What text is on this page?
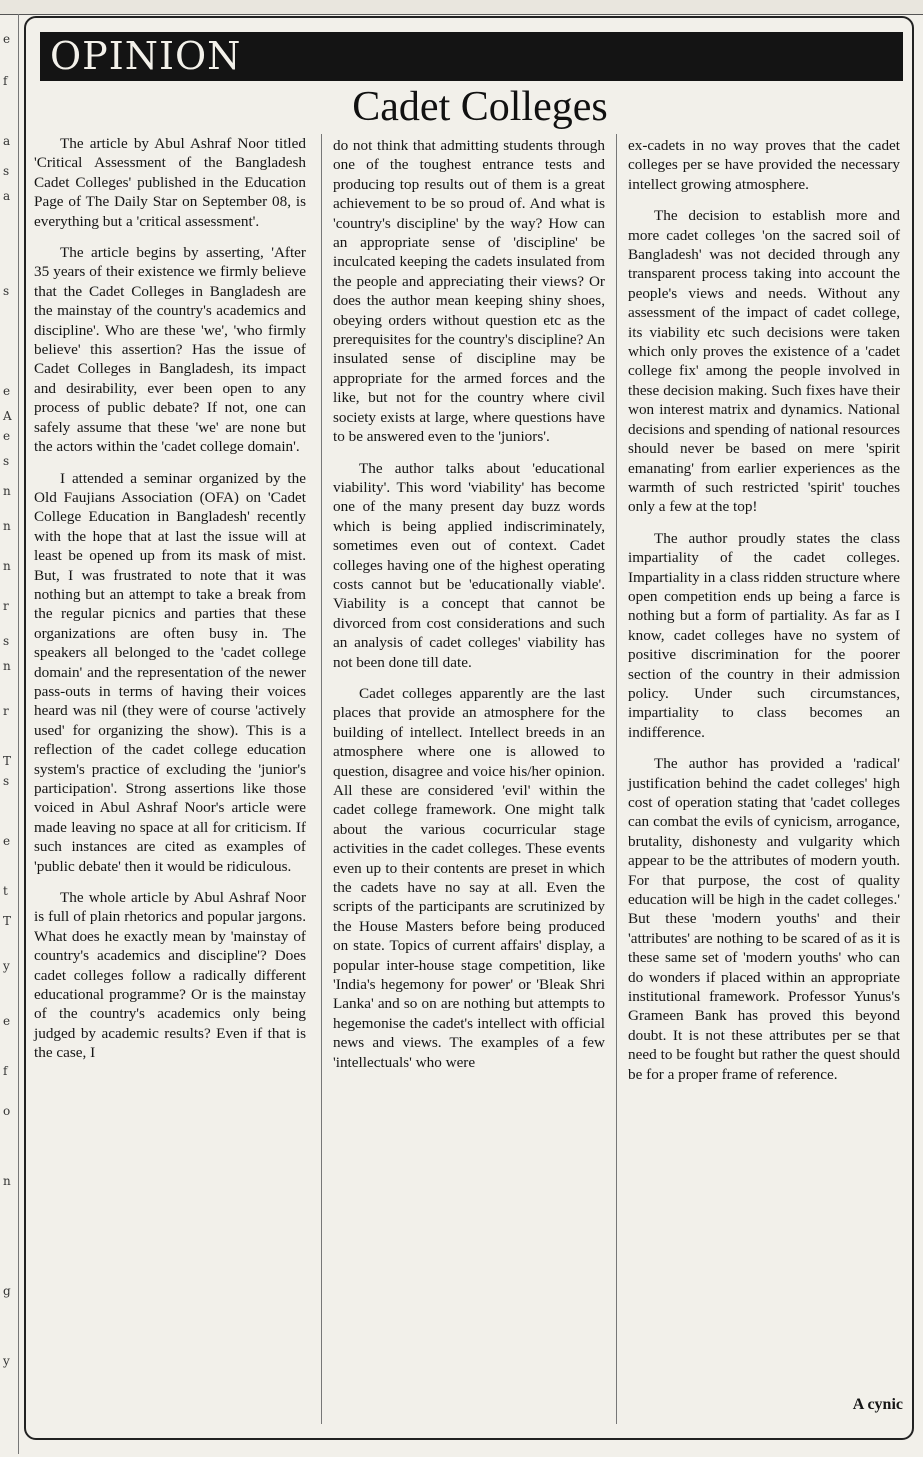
e
f
a
s
a
s
e
A
e
s
n
n
n
r
s
n
r
T
s
e
t
T
y
e
f
o
n
g
y
OPINION
Cadet Colleges

The article by Abul Ashraf Noor titled 'Critical Assessment of the Bangladesh Cadet Colleges' published in the Education Page of The Daily Star on September 08, is everything but a 'critical assessment'.

The article begins by asserting, 'After 35 years of their existence we firmly believe that the Cadet Colleges in Bangladesh are the mainstay of the country's academics and discipline'. Who are these 'we', 'who firmly believe' this assertion? Has the issue of Cadet Colleges in Bangladesh, its impact and desirability, ever been open to any process of public debate? If not, one can safely assume that these 'we' are none but the actors within the 'cadet college domain'.

I attended a seminar organized by the Old Faujians Association (OFA) on 'Cadet College Education in Bangladesh' recently with the hope that at last the issue will at least be opened up from its mask of mist. But, I was frustrated to note that it was nothing but an attempt to take a break from the regular picnics and parties that these organizations are often busy in. The speakers all belonged to the 'cadet college domain' and the representation of the newer pass-outs in terms of having their voices heard was nil (they were of course 'actively used' for organizing the show). This is a reflection of the cadet college education system's practice of excluding the 'junior's participation'. Strong assertions like those voiced in Abul Ashraf Noor's article were made leaving no space at all for criticism. If such instances are cited as examples of 'public debate' then it would be ridiculous.

The whole article by Abul Ashraf Noor is full of plain rhetorics and popular jargons. What does he exactly mean by 'mainstay of country's academics and discipline'? Does cadet colleges follow a radically different educational programme? Or is the mainstay of the country's academics only being judged by academic results? Even if that is the case, I

do not think that admitting students through one of the toughest entrance tests and producing top results out of them is a great achievement to be so proud of. And what is 'country's discipline' by the way? How can an appropriate sense of 'discipline' be inculcated keeping the cadets insulated from the people and appreciating their views? Or does the author mean keeping shiny shoes, obeying orders without question etc as the prerequisites for the country's discipline? An insulated sense of discipline may be appropriate for the armed forces and the like, but not for the country where civil society exists at large, where questions have to be answered even to the 'juniors'.

The author talks about 'educational viability'. This word 'viability' has become one of the many present day buzz words which is being applied indiscriminately, sometimes even out of context. Cadet colleges having one of the highest operating costs cannot but be 'educationally viable'. Viability is a concept that cannot be divorced from cost considerations and such an analysis of cadet colleges' viability has not been done till date.

Cadet colleges apparently are the last places that provide an atmosphere for the building of intellect. Intellect breeds in an atmosphere where one is allowed to question, disagree and voice his/her opinion. All these are considered 'evil' within the cadet college framework. One might talk about the various cocurricular stage activities in the cadet colleges. These events even up to their contents are preset in which the cadets have no say at all. Even the scripts of the participants are scrutinized by the House Masters before being produced on state. Topics of current affairs' display, a popular inter-house stage competition, like 'India's hegemony for power' or 'Bleak Shri Lanka' and so on are nothing but attempts to hegemonise the cadet's intellect with official news and views. The examples of a few 'intellectuals' who were

ex-cadets in no way proves that the cadet colleges per se have provided the necessary intellect growing atmosphere.

The decision to establish more and more cadet colleges 'on the sacred soil of Bangladesh' was not decided through any transparent process taking into account the people's views and needs. Without any assessment of the impact of cadet college, its viability etc such decisions were taken which only proves the existence of a 'cadet college fix' among the people involved in these decision making. Such fixes have their won interest matrix and dynamics. National decisions and spending of national resources should never be based on mere 'spirit emanating' from earlier experiences as the warmth of such restricted 'spirit' touches only a few at the top!

The author proudly states the class impartiality of the cadet colleges. Impartiality in a class ridden structure where open competition ends up being a farce is nothing but a form of partiality. As far as I know, cadet colleges have no system of positive discrimination for the poorer section of the country in their admission policy. Under such circumstances, impartiality to class becomes an indifference.

The author has provided a 'radical' justification behind the cadet colleges' high cost of operation stating that 'cadet colleges can combat the evils of cynicism, arrogance, brutality, dishonesty and vulgarity which appear to be the attributes of modern youth. For that purpose, the cost of quality education will be high in the cadet colleges.' But these 'modern youths' and their 'attributes' are nothing to be scared of as it is these same set of 'modern youths' who can do wonders if placed within an appropriate institutional framework. Professor Yunus's Grameen Bank has proved this beyond doubt. It is not these attributes per se that need to be fought but rather the quest should be for a proper frame of reference.

A cynic
